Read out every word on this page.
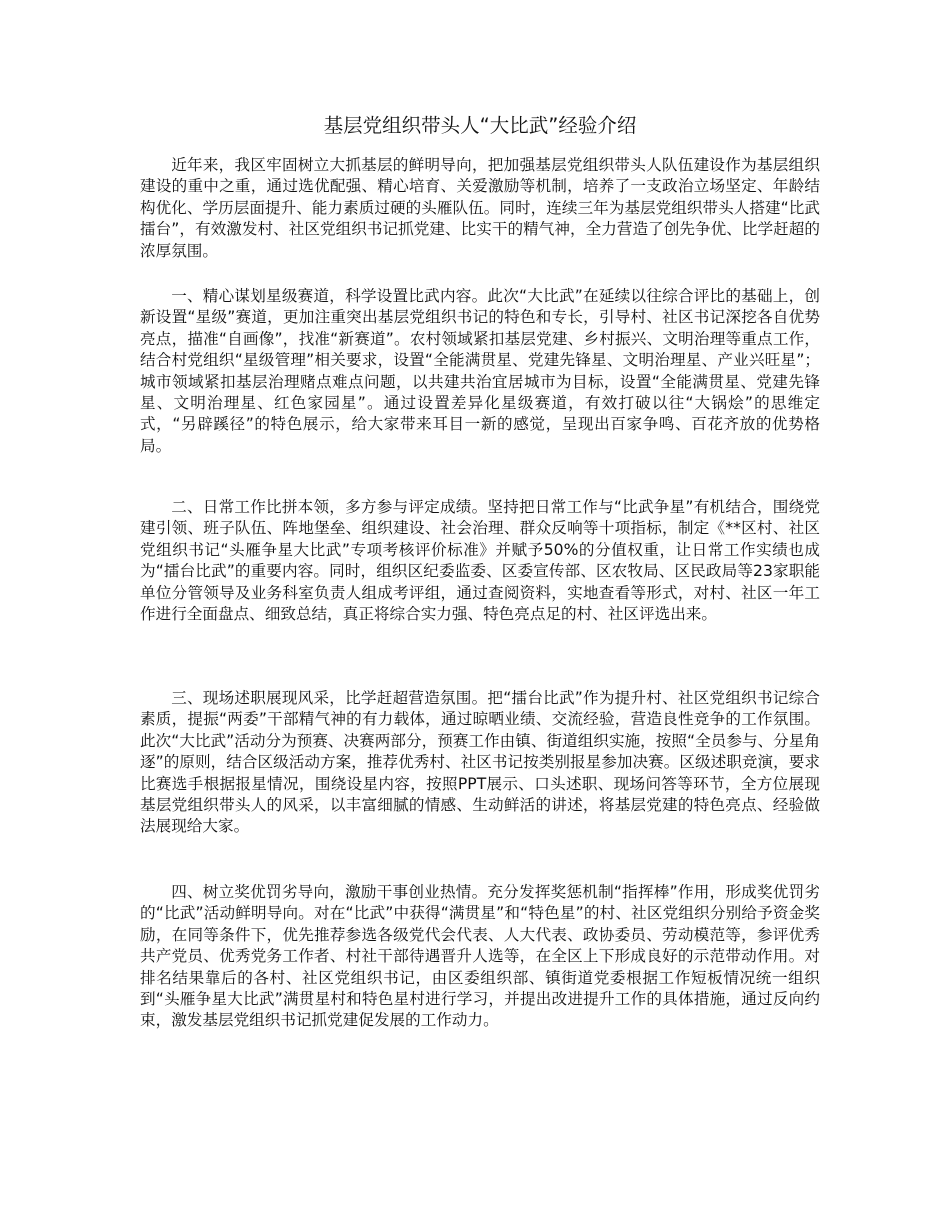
基层党组织带头人“大比武”经验介绍

近年来，我区牢固树立大抓基层的鲜明导向，把加强基层党组织带头人队伍建设作为基层组织建设的重中之重，通过选优配强、精心培育、关爱激励等机制，培养了一支政治立场坚定、年龄结构优化、学历层面提升、能力素质过硬的头雁队伍。同时，连续三年为基层党组织带头人搭建“比武擂台”，有效激发村、社区党组织书记抓党建、比实干的精气神，全力营造了创先争优、比学赶超的浓厚氛围。

一、精心谋划星级赛道，科学设置比武内容。此次“大比武”在延续以往综合评比的基础上，创新设置“星级”赛道，更加注重突出基层党组织书记的特色和专长，引导村、社区书记深挖各自优势亮点，描准“自画像”，找准“新赛道”。农村领域紧扣基层党建、乡村振兴、文明治理等重点工作，结合村党组织“星级管理”相关要求，设置“全能满贯星、党建先锋星、文明治理星、产业兴旺星”；城市领域紧扣基层治理赌点难点问题，以共建共治宜居城市为目标，设置“全能满贯星、党建先锋星、文明治理星、红色家园星”。通过设置差异化星级赛道，有效打破以往“大锅烩”的思维定式，“另辟蹊径”的特色展示，给大家带来耳目一新的感觉，呈现出百家争鸣、百花齐放的优势格局。

二、日常工作比拼本领，多方参与评定成绩。坚持把日常工作与“比武争星”有机结合，围绕党建引领、班子队伍、阵地堡垒、组织建设、社会治理、群众反响等十项指标，制定《**区村、社区党组织书记“头雁争星大比武”专项考核评价标准》并赋予50%的分值权重，让日常工作实绩也成为“擂台比武”的重要内容。同时，组织区纪委监委、区委宣传部、区农牧局、区民政局等23家职能单位分管领导及业务科室负责人组成考评组，通过查阅资料，实地查看等形式，对村、社区一年工作进行全面盘点、细致总结，真正将综合实力强、特色亮点足的村、社区评选出来。

三、现场述职展现风采，比学赶超营造氛围。把“擂台比武”作为提升村、社区党组织书记综合素质，提振“两委”干部精气神的有力载体，通过晾晒业绩、交流经验，营造良性竞争的工作氛围。此次“大比武”活动分为预赛、决赛两部分，预赛工作由镇、街道组织实施，按照“全员参与、分星角逐”的原则，结合区级活动方案，推荐优秀村、社区书记按类别报星参加决赛。区级述职竞演，要求比赛选手根据报星情况，围绕设星内容，按照PPT展示、口头述职、现场问答等环节，全方位展现基层党组织带头人的风采，以丰富细腻的情感、生动鲜活的讲述，将基层党建的特色亮点、经验做法展现给大家。

四、树立奖优罚劣导向，激励干事创业热情。充分发挥奖惩机制“指挥棒”作用，形成奖优罚劣的“比武”活动鲜明导向。对在“比武”中获得“满贯星”和“特色星”的村、社区党组织分别给予资金奖励，在同等条件下，优先推荐参选各级党代会代表、人大代表、政协委员、劳动模范等，参评优秀共产党员、优秀党务工作者、村社干部待遇晋升人选等，在全区上下形成良好的示范带动作用。对排名结果靠后的各村、社区党组织书记，由区委组织部、镇街道党委根据工作短板情况统一组织到“头雁争星大比武”满贯星村和特色星村进行学习，并提出改进提升工作的具体措施，通过反向约束，激发基层党组织书记抓党建促发展的工作动力。
